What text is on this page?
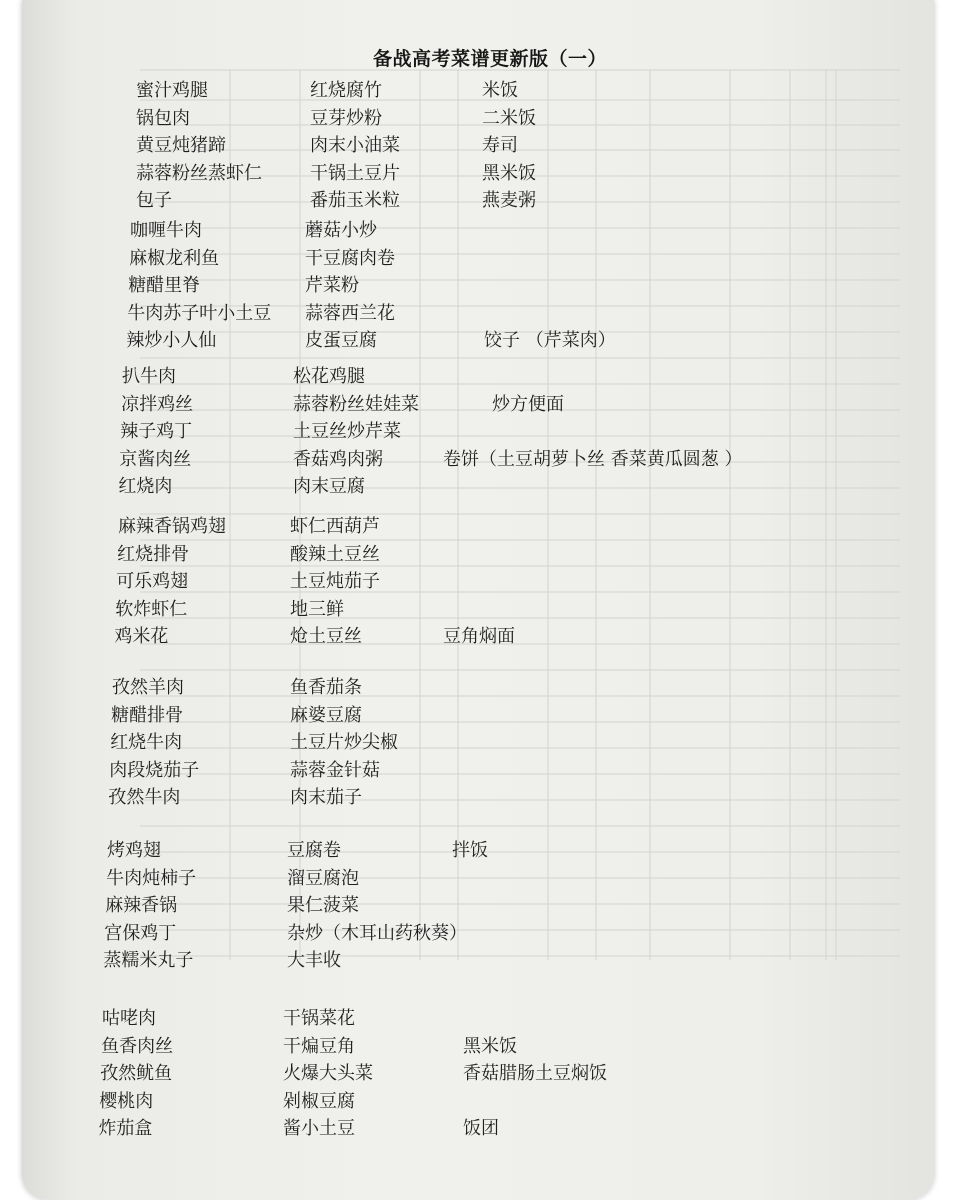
备战高考菜谱更新版（一）
蜜汁鸡腿
锅包肉
黄豆炖猪蹄
蒜蓉粉丝蒸虾仁
包子
红烧腐竹
豆芽炒粉
肉末小油菜
干锅土豆片
番茄玉米粒
米饭
二米饭
寿司
黑米饭
燕麦粥
咖喱牛肉
麻椒龙利鱼
糖醋里脊
牛肉苏子叶小土豆
辣炒小人仙
蘑菇小炒
干豆腐肉卷
芹菜粉
蒜蓉西兰花
皮蛋豆腐	饺子 （芹菜肉）
扒牛肉
凉拌鸡丝
辣子鸡丁
京酱肉丝
红烧肉
松花鸡腿
蒜蓉粉丝娃娃菜
土豆丝炒芹菜
香菇鸡肉粥
肉末豆腐
炒方便面
卷饼（土豆胡萝卜丝 香菜黄瓜圆葱 ）
麻辣香锅鸡翅
红烧排骨
可乐鸡翅
软炸虾仁
鸡米花
虾仁西葫芦
酸辣土豆丝
土豆炖茄子
地三鲜
炝土豆丝	豆角焖面
孜然羊肉
糖醋排骨
红烧牛肉
肉段烧茄子
孜然牛肉
鱼香茄条
麻婆豆腐
土豆片炒尖椒
蒜蓉金针菇
肉末茄子
烤鸡翅
牛肉炖柿子
麻辣香锅
宫保鸡丁
蒸糯米丸子
豆腐卷
溜豆腐泡
果仁菠菜
杂炒（木耳山药秋葵）
大丰收
拌饭
咕咾肉
鱼香肉丝
孜然鱿鱼
樱桃肉
炸茄盒
干锅菜花
干煸豆角
火爆大头菜
剁椒豆腐
酱小土豆
黑米饭
香菇腊肠土豆焖饭
饭团
